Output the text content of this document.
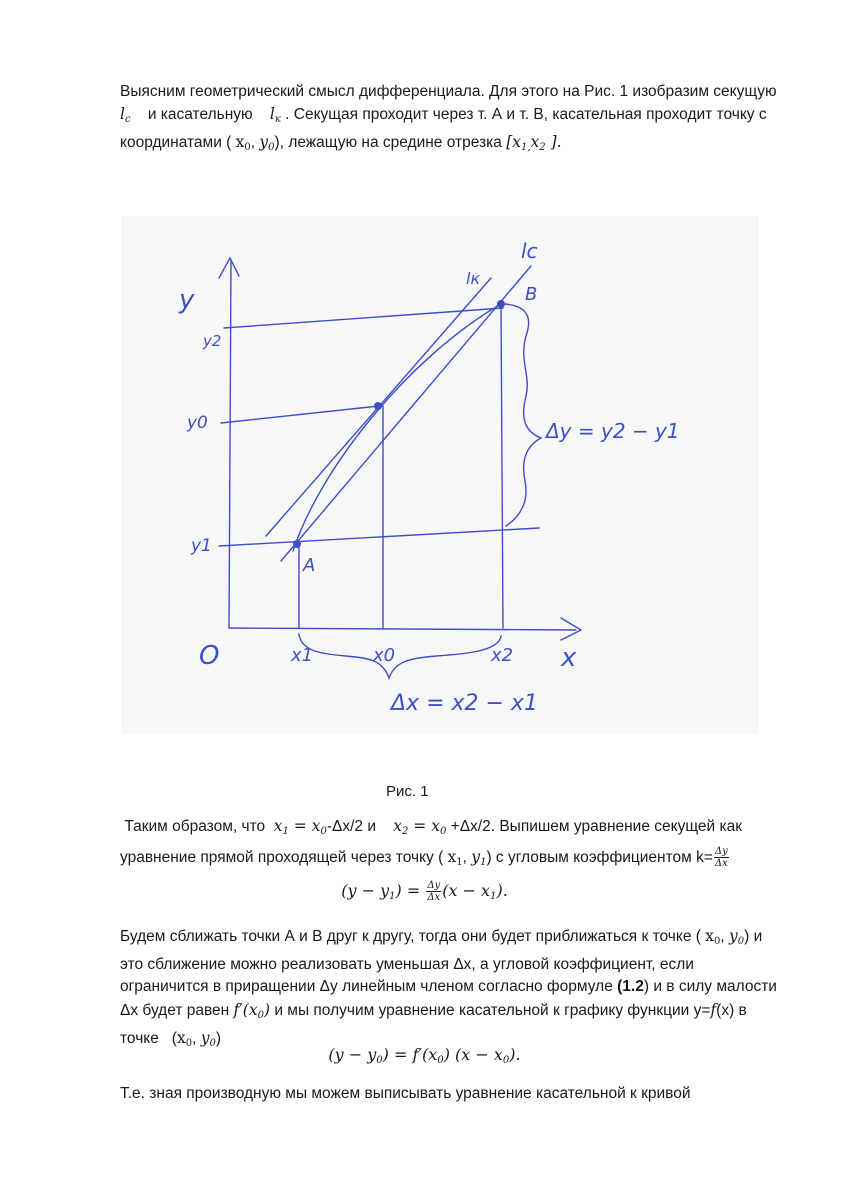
Выясним геометрический смысл дифференциала. Для этого на Рис. 1 изобразим секущую
$l_c$ и касательную $l_к$ . Секущая проходит через т. А и т. В, касательная проходит точку с
координатами ( $x_0$, $y_0$), лежащую на средине отрезка [$x_{1,}x_2$ ].
y
y2
y0
y1
O	x1	x0	x2 x
A
B
lc
lк
Δy = y2 − y1
Δx = x2 − x1
Рис. 1
Таким образом, что $x_1 = x_0-\Delta x/2$ и $x_2 = x_0 +\Delta x/2$. Выпишем уравнение секущей как
уравнение прямой проходящей через точку ( $x_1$, $y_1$) с угловым коэффициентом $k= \frac{\Delta y}{\Delta x}$
$(y - y_1) = \frac{\Delta y}{\Delta x} (x - x_1)$.
Будем сближать точки А и В друг к другу, тогда они будет приближаться к точке ( $x_0$, $y_0$) и
это сближение можно реализовать уменьшая Δx, а угловой коэффициент, если
ограничится в приращении Δy линейным членом согласно формуле (1.2) и в силу малости
Δx будет равен $f'(x_0)$ и мы получим уравнение касательной к графику функции y=f(x) в
точке   ($x_0$, $y_0$)
$(y - y_0) = f'(x_0)$ $(x - x_0)$.
Т.е. зная производную мы можем выписывать уравнение касательной к кривой
